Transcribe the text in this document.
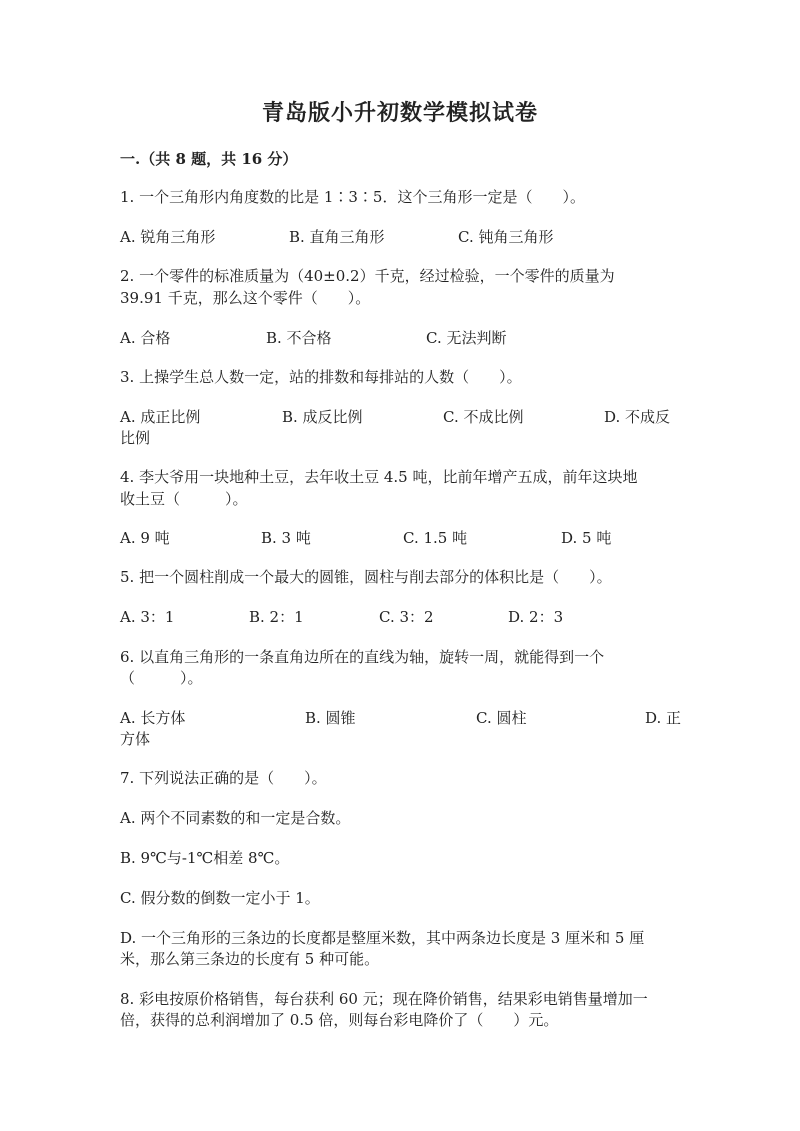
青岛版小升初数学模拟试卷
一.（共 8 题，共 16 分）
1. 一个三角形内角度数的比是 1∶3∶5．这个三角形一定是（　　）。
A. 锐角三角形	B. 直角三角形	C. 钝角三角形
2. 一个零件的标准质量为（40±0.2）千克，经过检验，一个零件的质量为
39.91 千克，那么这个零件（　　）。
A. 合格	B. 不合格	C. 无法判断
3. 上操学生总人数一定，站的排数和每排站的人数（　　）。
A. 成正比例	B. 成反比例	C. 不成比例	D. 不成反
比例
4. 李大爷用一块地种土豆，去年收土豆 4.5 吨，比前年增产五成，前年这块地
收土豆（　　　）。
A. 9 吨	B. 3 吨	C. 1.5 吨	D. 5 吨
5. 把一个圆柱削成一个最大的圆锥，圆柱与削去部分的体积比是（　　）。
A. 3：1	B. 2：1	C. 3：2	D. 2：3
6. 以直角三角形的一条直角边所在的直线为轴，旋转一周，就能得到一个
（　　　）。
A. 长方体	B. 圆锥	C. 圆柱	D. 正
方体
7. 下列说法正确的是（　　）。
A. 两个不同素数的和一定是合数。
B. 9℃与-1℃相差 8℃。
C. 假分数的倒数一定小于 1。
D. 一个三角形的三条边的长度都是整厘米数，其中两条边长度是 3 厘米和 5 厘
米，那么第三条边的长度有 5 种可能。
8. 彩电按原价格销售，每台获利 60 元；现在降价销售，结果彩电销售量增加一
倍，获得的总利润增加了 0.5 倍，则每台彩电降价了（　　）元。
